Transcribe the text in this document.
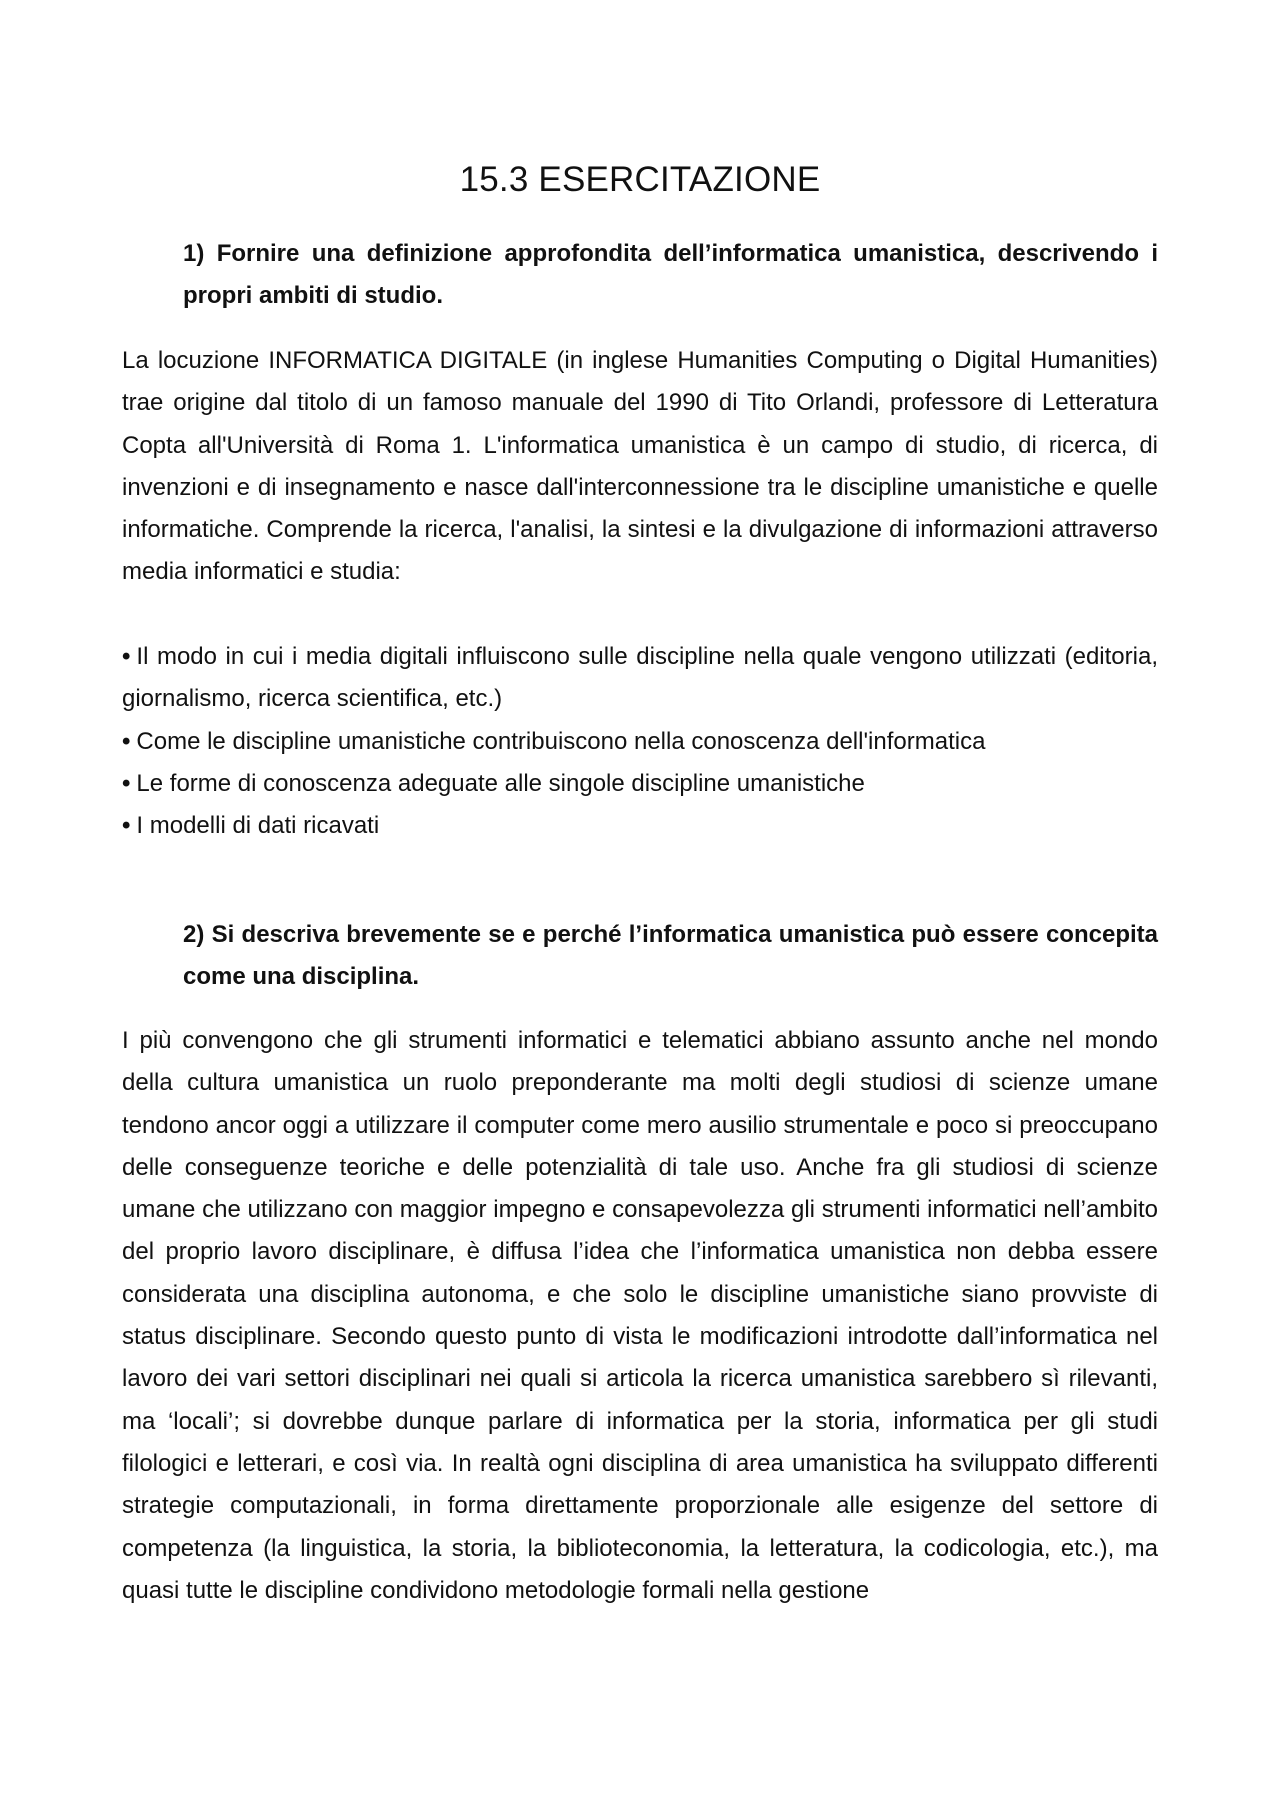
15.3 ESERCITAZIONE

1) Fornire una definizione approfondita dell’informatica umanistica, descrivendo i propri ambiti di studio.

La locuzione INFORMATICA DIGITALE (in inglese Humanities Computing o Digital Humanities) trae origine dal titolo di un famoso manuale del 1990 di Tito Orlandi, professore di Letteratura Copta all'Università di Roma 1. L'informatica umanistica è un campo di studio, di ricerca, di invenzioni e di insegnamento e nasce dall'interconnessione tra le discipline umanistiche e quelle informatiche. Comprende la ricerca, l'analisi, la sintesi e la divulgazione di informazioni attraverso media informatici e studia:

• Il modo in cui i media digitali influiscono sulle discipline nella quale vengono utilizzati (editoria, giornalismo, ricerca scientifica, etc.)
• Come le discipline umanistiche contribuiscono nella conoscenza dell'informatica
• Le forme di conoscenza adeguate alle singole discipline umanistiche
• I modelli di dati ricavati

2) Si descriva brevemente se e perché l’informatica umanistica può essere concepita come una disciplina.

I più convengono che gli strumenti informatici e telematici abbiano assunto anche nel mondo della cultura umanistica un ruolo preponderante ma molti degli studiosi di scienze umane tendono ancor oggi a utilizzare il computer come mero ausilio strumentale e poco si preoccupano delle conseguenze teoriche e delle potenzialità di tale uso. Anche fra gli studiosi di scienze umane che utilizzano con maggior impegno e consapevolezza gli strumenti informatici nell’ambito del proprio lavoro disciplinare, è diffusa l’idea che l’informatica umanistica non debba essere considerata una disciplina autonoma, e che solo le discipline umanistiche siano provviste di status disciplinare. Secondo questo punto di vista le modificazioni introdotte dall’informatica nel lavoro dei vari settori disciplinari nei quali si articola la ricerca umanistica sarebbero sì rilevanti, ma ‘locali’; si dovrebbe dunque parlare di informatica per la storia, informatica per gli studi filologici e letterari, e così via. In realtà ogni disciplina di area umanistica ha sviluppato differenti strategie computazionali, in forma direttamente proporzionale alle esigenze del settore di competenza (la linguistica, la storia, la biblioteconomia, la letteratura, la codicologia, etc.), ma quasi tutte le discipline condividono metodologie formali nella gestione
